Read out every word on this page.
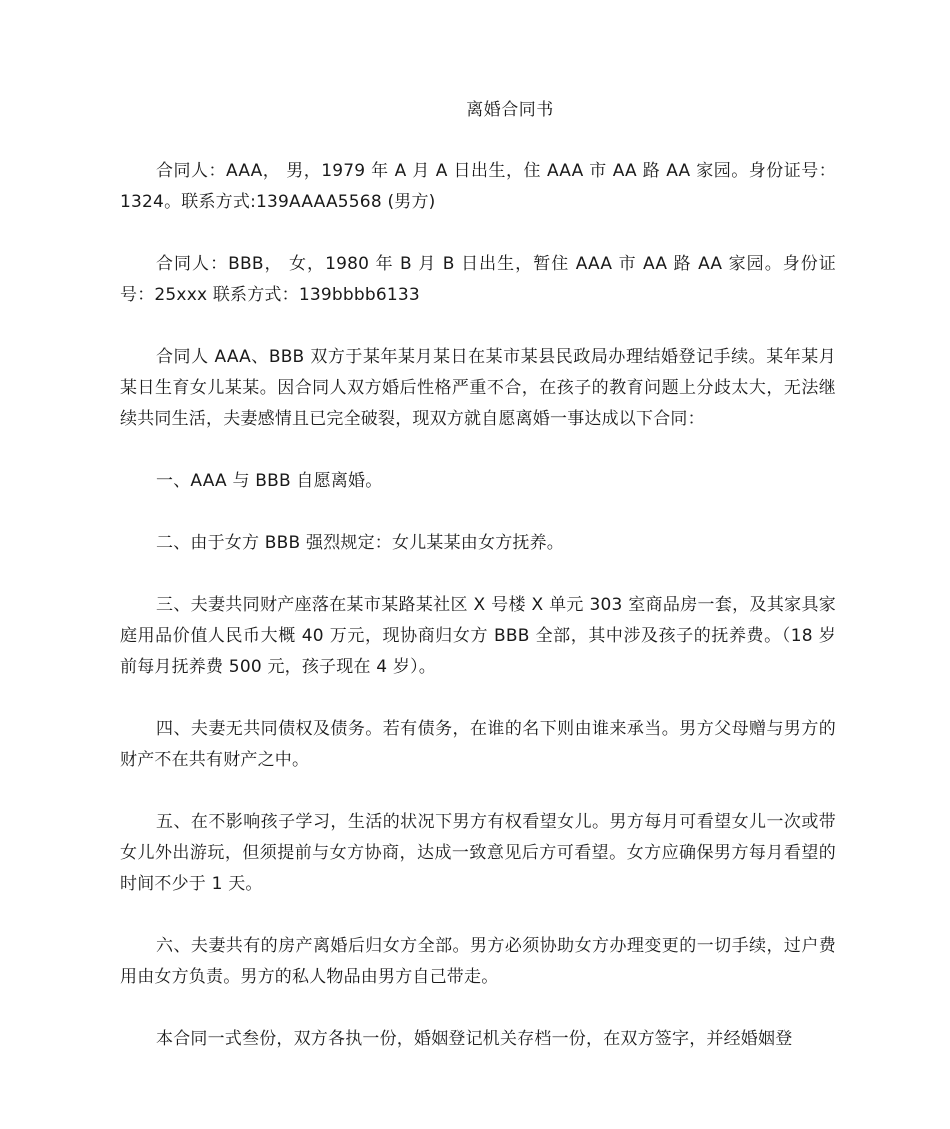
离婚合同书

合同人：AAA， 男，1979 年 A 月 A 日出生，住 AAA 市 AA 路 AA 家园。身份证号：1324。联系方式:139AAAA5568 (男方)

合同人：BBB， 女，1980 年 B 月 B 日出生，暂住 AAA 市 AA 路 AA 家园。身份证号：25xxx 联系方式：139bbbb6133

合同人 AAA、BBB 双方于某年某月某日在某市某县民政局办理结婚登记手续。某年某月某日生育女儿某某。因合同人双方婚后性格严重不合，在孩子的教育问题上分歧太大，无法继续共同生活，夫妻感情且已完全破裂，现双方就自愿离婚一事达成以下合同：

一、AAA 与 BBB 自愿离婚。

二、由于女方 BBB 强烈规定：女儿某某由女方抚养。

三、夫妻共同财产座落在某市某路某社区 X 号楼 X 单元 303 室商品房一套，及其家具家庭用品价值人民币大概 40 万元，现协商归女方 BBB 全部，其中涉及孩子的抚养费。（18 岁前每月抚养费 500 元，孩子现在 4 岁）。

四、夫妻无共同债权及债务。若有债务，在谁的名下则由谁来承当。男方父母赠与男方的财产不在共有财产之中。

五、在不影响孩子学习，生活的状况下男方有权看望女儿。男方每月可看望女儿一次或带女儿外出游玩，但须提前与女方协商，达成一致意见后方可看望。女方应确保男方每月看望的时间不少于 1 天。

六、夫妻共有的房产离婚后归女方全部。男方必须协助女方办理变更的一切手续，过户费用由女方负责。男方的私人物品由男方自己带走。

本合同一式叁份，双方各执一份，婚姻登记机关存档一份，在双方签字，并经婚姻登
